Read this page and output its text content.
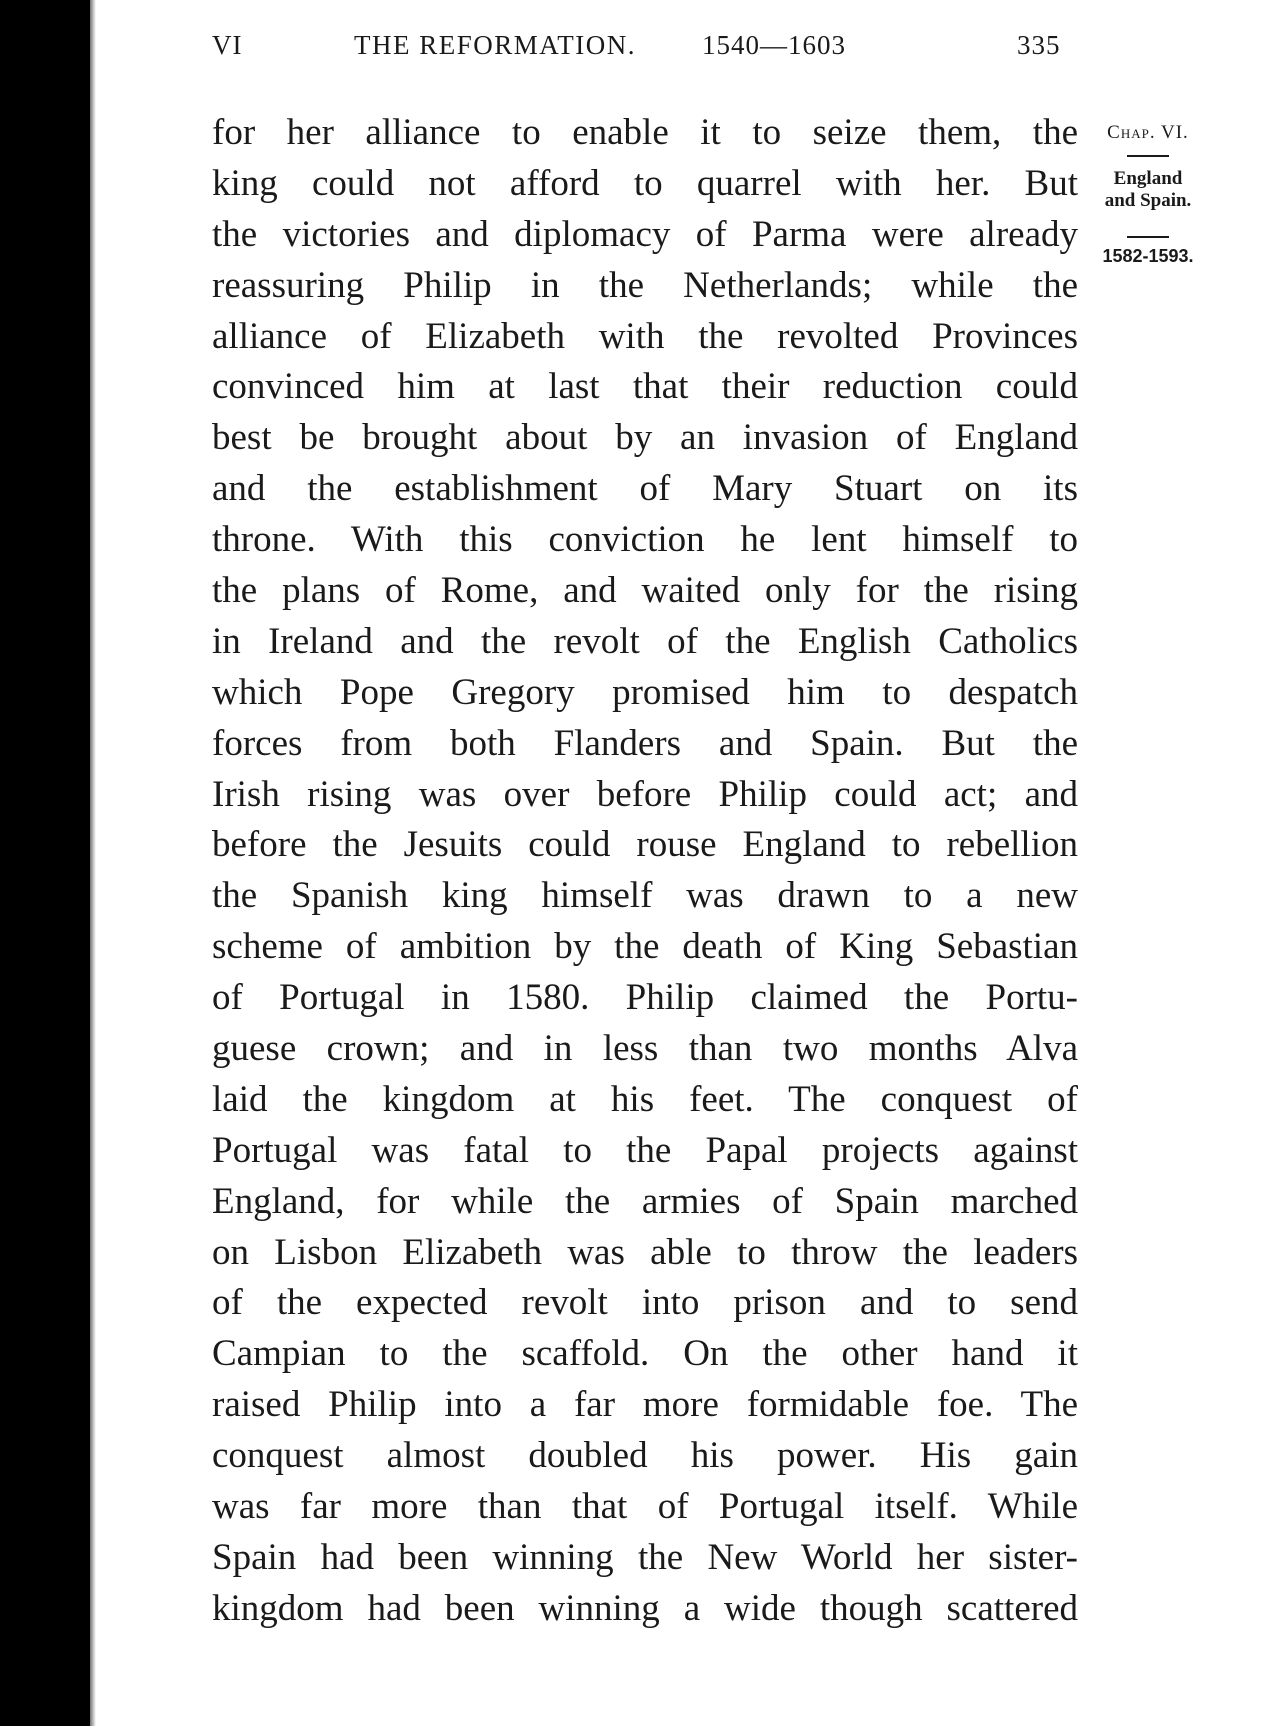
VI	THE REFORMATION. 1540—1603	335
Chap. VI.
England
and Spain.
1582-1593.
for her alliance to enable it to seize them, the
king could not afford to quarrel with her. But
the victories and diplomacy of Parma were already
reassuring Philip in the Netherlands; while the
alliance of Elizabeth with the revolted Provinces
convinced him at last that their reduction could
best be brought about by an invasion of England
and the establishment of Mary Stuart on its
throne. With this conviction he lent himself to
the plans of Rome, and waited only for the rising
in Ireland and the revolt of the English Catholics
which Pope Gregory promised him to despatch
forces from both Flanders and Spain. But the
Irish rising was over before Philip could act; and
before the Jesuits could rouse England to rebellion
the Spanish king himself was drawn to a new
scheme of ambition by the death of King Sebastian
of Portugal in 1580. Philip claimed the Portu-
guese crown; and in less than two months Alva
laid the kingdom at his feet. The conquest of
Portugal was fatal to the Papal projects against
England, for while the armies of Spain marched
on Lisbon Elizabeth was able to throw the leaders
of the expected revolt into prison and to send
Campian to the scaffold. On the other hand it
raised Philip into a far more formidable foe. The
conquest almost doubled his power. His gain
was far more than that of Portugal itself. While
Spain had been winning the New World her sister-
kingdom had been winning a wide though scattered
